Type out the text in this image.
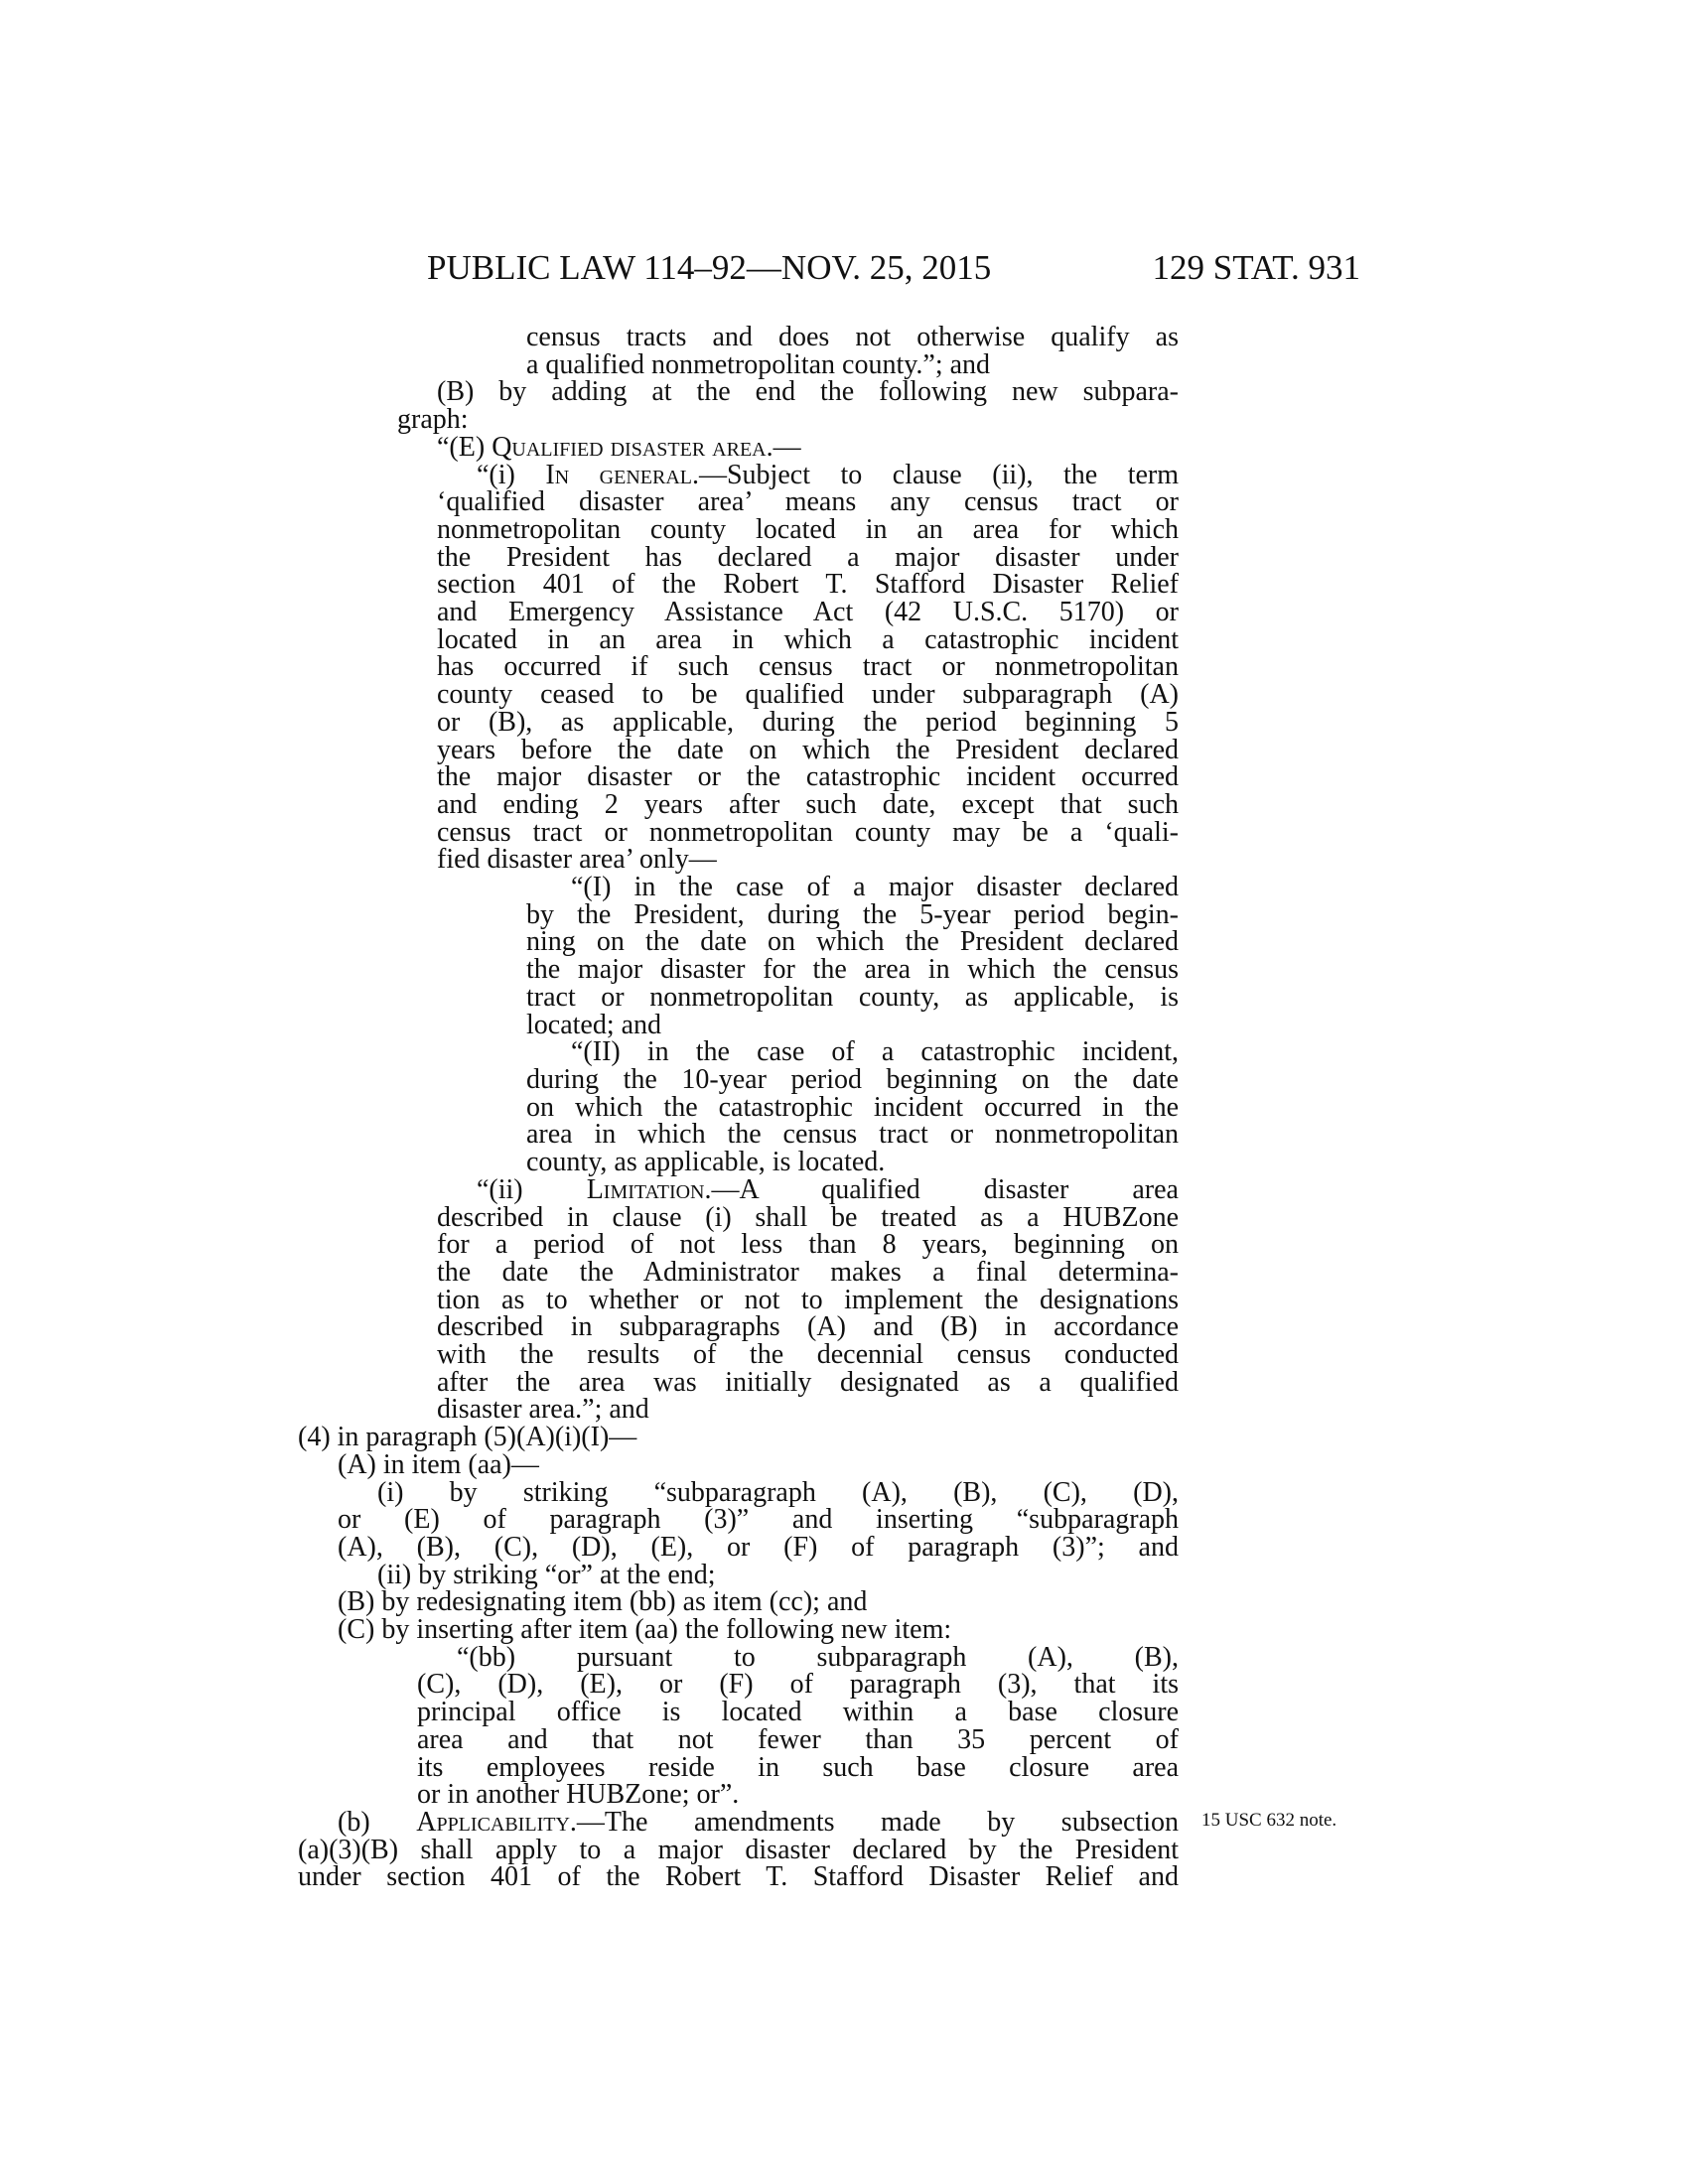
PUBLIC LAW 114–92—NOV. 25, 2015	129 STAT. 931
census tracts and does not otherwise qualify as
a qualified nonmetropolitan county.”; and
(B) by adding at the end the following new subpara-
graph:
“(E) Qualified disaster area.—
“(i) In general.—Subject to clause (ii), the term
‘qualified disaster area’ means any census tract or
nonmetropolitan county located in an area for which
the President has declared a major disaster under
section 401 of the Robert T. Stafford Disaster Relief
and Emergency Assistance Act (42 U.S.C. 5170) or
located in an area in which a catastrophic incident
has occurred if such census tract or nonmetropolitan
county ceased to be qualified under subparagraph (A)
or (B), as applicable, during the period beginning 5
years before the date on which the President declared
the major disaster or the catastrophic incident occurred
and ending 2 years after such date, except that such
census tract or nonmetropolitan county may be a ‘quali-
fied disaster area’ only—
“(I) in the case of a major disaster declared
by the President, during the 5-year period begin-
ning on the date on which the President declared
the major disaster for the area in which the census
tract or nonmetropolitan county, as applicable, is
located; and
“(II) in the case of a catastrophic incident,
during the 10-year period beginning on the date
on which the catastrophic incident occurred in the
area in which the census tract or nonmetropolitan
county, as applicable, is located.
“(ii) Limitation.—A qualified disaster area
described in clause (i) shall be treated as a HUBZone
for a period of not less than 8 years, beginning on
the date the Administrator makes a final determina-
tion as to whether or not to implement the designations
described in subparagraphs (A) and (B) in accordance
with the results of the decennial census conducted
after the area was initially designated as a qualified
disaster area.”; and
(4) in paragraph (5)(A)(i)(I)—
(A) in item (aa)—
(i) by striking “subparagraph (A), (B), (C), (D),
or (E) of paragraph (3)” and inserting “subparagraph
(A), (B), (C), (D), (E), or (F) of paragraph (3)”; and
(ii) by striking “or” at the end;
(B) by redesignating item (bb) as item (cc); and
(C) by inserting after item (aa) the following new item:
“(bb) pursuant to subparagraph (A), (B),
(C), (D), (E), or (F) of paragraph (3), that its
principal office is located within a base closure
area and that not fewer than 35 percent of
its employees reside in such base closure area
or in another HUBZone; or”.
(b) Applicability.—The amendments made by subsection
(a)(3)(B) shall apply to a major disaster declared by the President
under section 401 of the Robert T. Stafford Disaster Relief and
15 USC 632 note.
